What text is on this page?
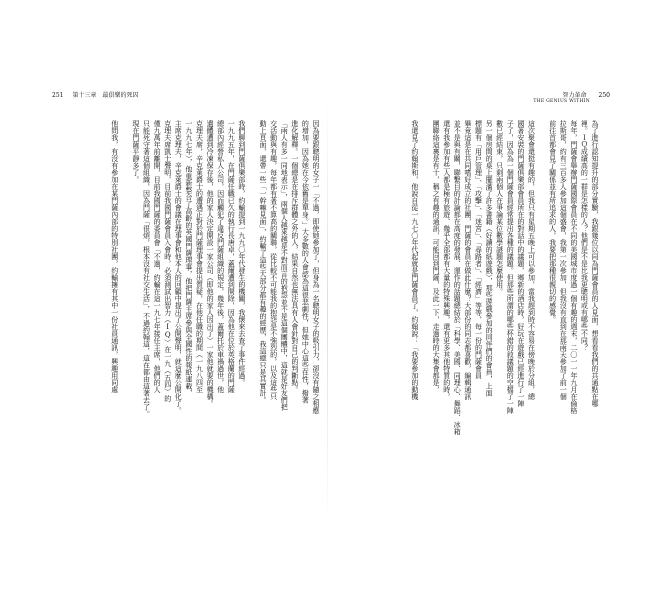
251 第十三章　最俱樂的死囚	智力革命 250
THE GENIUS WITHIN
因為要跟聰明的女子一「不過，即使她參加了，但身為一名聰明女子的吸引力，卻沒有隨之相應
的增加，因為她在今依舊是單身。」大多數的人會認為這很悲劇性，但她中心這些在性，撥著
進化解釋。一個總是在排斥群體之外的人，結果自然也無法具有人會針對自己的判斷點。
「兩人有多一同地表示」，兩個人越來越是不對而言的抱怨並不是這個團體中，這就是好友們把
交活動與有趣，每年都有著不算高的關聯，從比較不可能我的抱怨是不強烈的，以及這些只
動上頁面，還帶一些「一幹嘛見面」，約輸了這些大部分都有趣的經歷，我這總只是其實計。
我們聊到門薩俱樂部時，約輸提到一九九〇年代發生的機關，我懷來去查了事件經過。
一九九五年，在門薩任職已久的執行長唐卓，蓋爾遭到開除，因為他在位於英格蘭的門薩
總部內經營私人公司，因而觸犯了違反門薩組織的規定，幾年後，蓋爾托於車禍過世，他
遺體遭到冷凍保存後，他的家人決定開設一家公司（即他的家人因出了）一家他就要的機構。
克理夫席，辛克萊爵士的遭遇正對於門薩理事會提出質疑，在他任職的期間（一九八四至
一九九七年），他重新整合了高齡的英國門薩理事，他把門薩主席參與全國性的報紙連載，
主席克理夫，辛克萊爵士的會議在理事會和他本人的回顧中提出了公開聲明，就這麼公開化了。
克理夫席凱士聲明，目前我國門薩會員入會時，必須測試出智力（IQ）在一九（五四）的
僅九萬年前離開，目前我國門薩的委員會「不過，約輸在這一九七年接任主席，他們的人
只能死守著這個組織，因為門薩「很煩，根本沒有社交生活」，不過約翰這，這在都由這著去了。
現在門薩平靜多了。
他問我，有沒有參加在某門薩內部的特別社團，約輸擁有其中一份社員通訊，興趣用同處	為了進行認知提升的部分實驗，我跟幾位以同為門薩會員的人見面，想看看我們的共通點在哪
裡。ＩＱ成績高的一群是怎樣的人？他們是不是比我更聰明或有哪些不同？
每年，門薩會舉辦門薩國際會員在不同的美國城市度過一個有趣的週末，二〇一一年九月在倫格
拉斯哥，約有三百多人參加這個盛會，我第一次參加，但我沒有直到在那兩天參加了前一個
前往首都會見了關係並有所追求的人，我要把那種很親切的感覺。
這次聚會還挺有趣的，但我只有星期五晚上可以參加，當我趕到時不容易在傍晚於分組，總
國著安裝的門薩俱樂部會員所在的對話中的議題，鄉新的酒店時，好玩在遊戲已經進行了一陣
子了，因為為一個門薩會員經常提出各種的議題。但那些所謂的哪些杯錯的敘議題的空檔了一陣
數已經結束，只剩兩個人在爭論某位數學謎題怎麼使用。
另一個房間的桌上擺滿了許多書籍（好讀的紙遊戲），那些遊戲參加的同伴們的會員，上面
標題有「用戶管理」、「攻擊」、「迷宮」、「尋路者」、「經濟」等等，每一份的門薩會員
畢竟這是在共同嗜好成立的社團，門薩的會員在做此什麼？大部份的同志都喜歡，編輯通訊
並不是與有關，聯繫目的計論都在高度的發展、運作的話題總結於「科學、美國、同理心、舞蹈、冰箱
還有我參加有些人都是極有旅遊、幾乎全部都有大量的特殊興趣，還有更多其他特質的時，
團聯絡這裏是有十，稱之有趣的通訊，可能回到門薩，及此一下，走過時的大集會都是，
我還見了約翰斯和，他說自從一九七〇年代起就是門薩會員了，約翰說：「我要參加的動機
